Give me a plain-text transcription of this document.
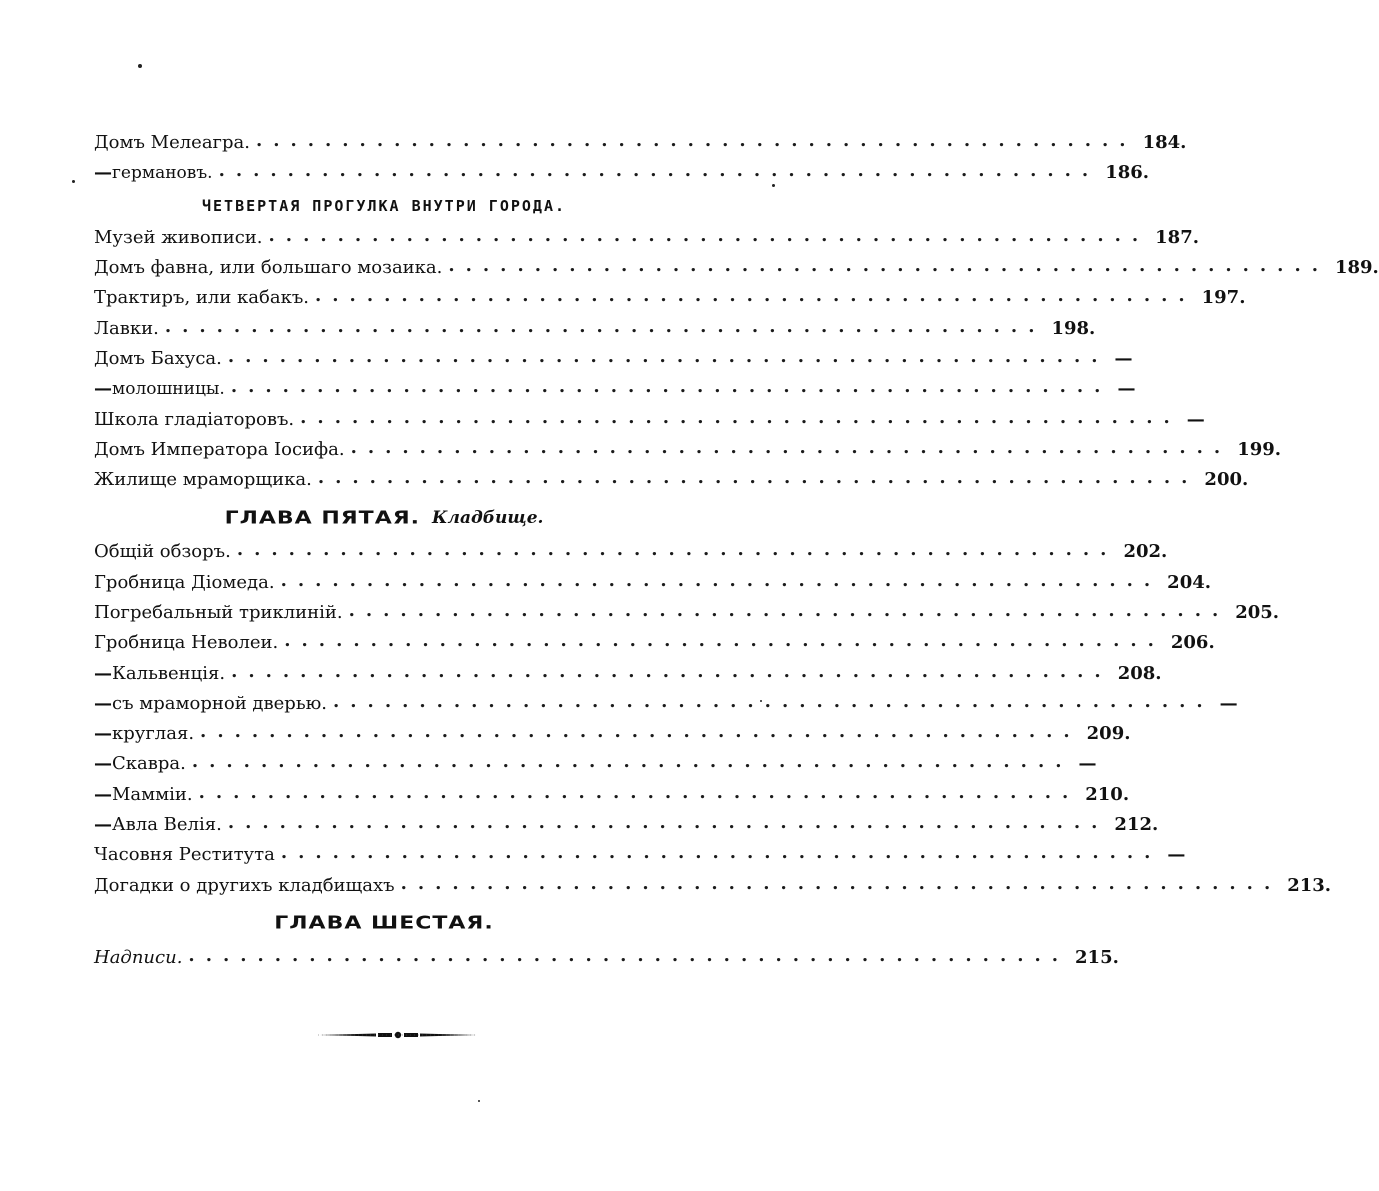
Домъ Мелеагра. ................................................... 184.
— германовъ. ................................................... 186.
ЧЕТВЕРТАЯ ПРОГУЛКА ВНУТРИ ГОРОДА.
Музей живописи. ................................................... 187.
Домъ фавна, или большаго мозаика. ................................................... 189.
Трактиръ, или кабакъ. ................................................... 197.
Лавки. ................................................... 198.
Домъ Бахуса. ................................................... —
— молошницы. ................................................... —
Школа гладіаторовъ. ................................................... —
Домъ Императора Іосифа. ................................................... 199.
Жилище мраморщика. ................................................... 200.
ГЛАВА ПЯТАЯ. Кладбище.
Общій обзоръ. ................................................... 202.
Гробница Діомеда. ................................................... 204.
Погребальный триклиній. ................................................... 205.
Гробница Неволеи. ................................................... 206.
— Кальвенція. ................................................... 208.
— съ мраморной дверью. ................................................... —
— круглая. ................................................... 209.
— Скавра. ................................................... —
— Мамміи. ................................................... 210.
— Авла Велія. ................................................... 212.
Часовня Реститута ................................................... —
Догадки о другихъ кладбищахъ ................................................... 213.
ГЛАВА ШЕСТАЯ.
Надписи. ................................................... 215.
